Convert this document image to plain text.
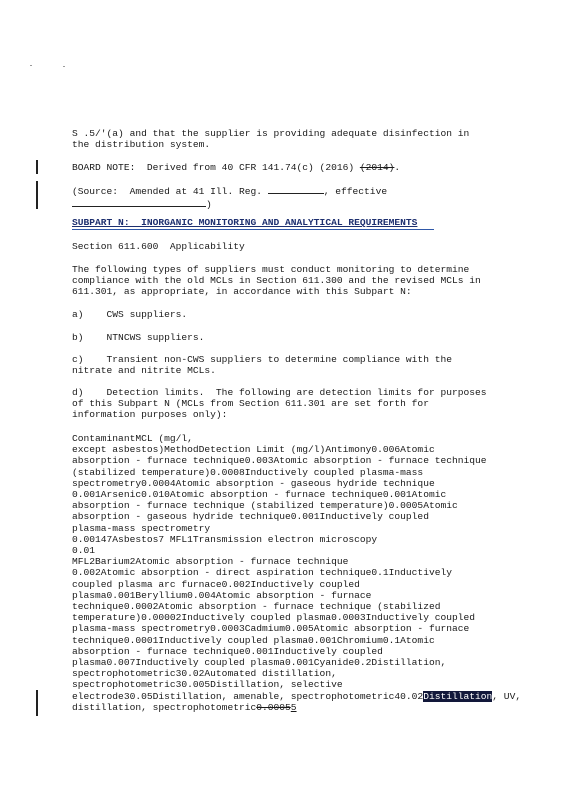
S .5/'(a) and that the supplier is providing adequate disinfection in
the distribution system.
BOARD NOTE:  Derived from 40 CFR 141.74(c) (2016) (2014).
(Source:  Amended at 41 Ill. Reg.	, effective
)
SUBPART N:  INORGANIC MONITORING AND ANALYTICAL REQUIREMENTS
Section 611.600  Applicability
The following types of suppliers must conduct monitoring to determine
compliance with the old MCLs in Section 611.300 and the revised MCLs in
611.301, as appropriate, in accordance with this Subpart N:
a)    CWS suppliers.
b)    NTNCWS suppliers.
c)    Transient non-CWS suppliers to determine compliance with the
nitrate and nitrite MCLs.
d)    Detection limits.  The following are detection limits for purposes
of this Subpart N (MCLs from Section 611.301 are set forth for
information purposes only):
ContaminantMCL (mg/l,
except asbestos)MethodDetection Limit (mg/l)Antimony0.006Atomic
absorption - furnace technique0.003Atomic absorption - furnace technique
(stabilized temperature)0.0008Inductively coupled plasma-mass
spectrometry0.0004Atomic absorption - gaseous hydride technique
0.001Arsenic0.010Atomic absorption - furnace technique0.001Atomic
absorption - furnace technique (stabilized temperature)0.0005Atomic
absorption - gaseous hydride technique0.001Inductively coupled
plasma-mass spectrometry
0.00147Asbestos7 MFL1Transmission electron microscopy
0.01
MFL2Barium2Atomic absorption - furnace technique
0.002Atomic absorption - direct aspiration technique0.1Inductively
coupled plasma arc furnace0.002Inductively coupled
plasma0.001Beryllium0.004Atomic absorption - furnace
technique0.0002Atomic absorption - furnace technique (stabilized
temperature)0.00002Inductively coupled plasma0.0003Inductively coupled
plasma-mass spectrometry0.0003Cadmium0.005Atomic absorption - furnace
technique0.0001Inductively coupled plasma0.001Chromium0.1Atomic
absorption - furnace technique0.001Inductively coupled
plasma0.007Inductively coupled plasma0.001Cyanide0.2Distillation,
spectrophotometric30.02Automated distillation,
spectrophotometric30.005Distillation, selective
electrode30.05Distillation, amenable, spectrophotometric40.02Distillation, UV,
distillation, spectrophotometric0.00055
